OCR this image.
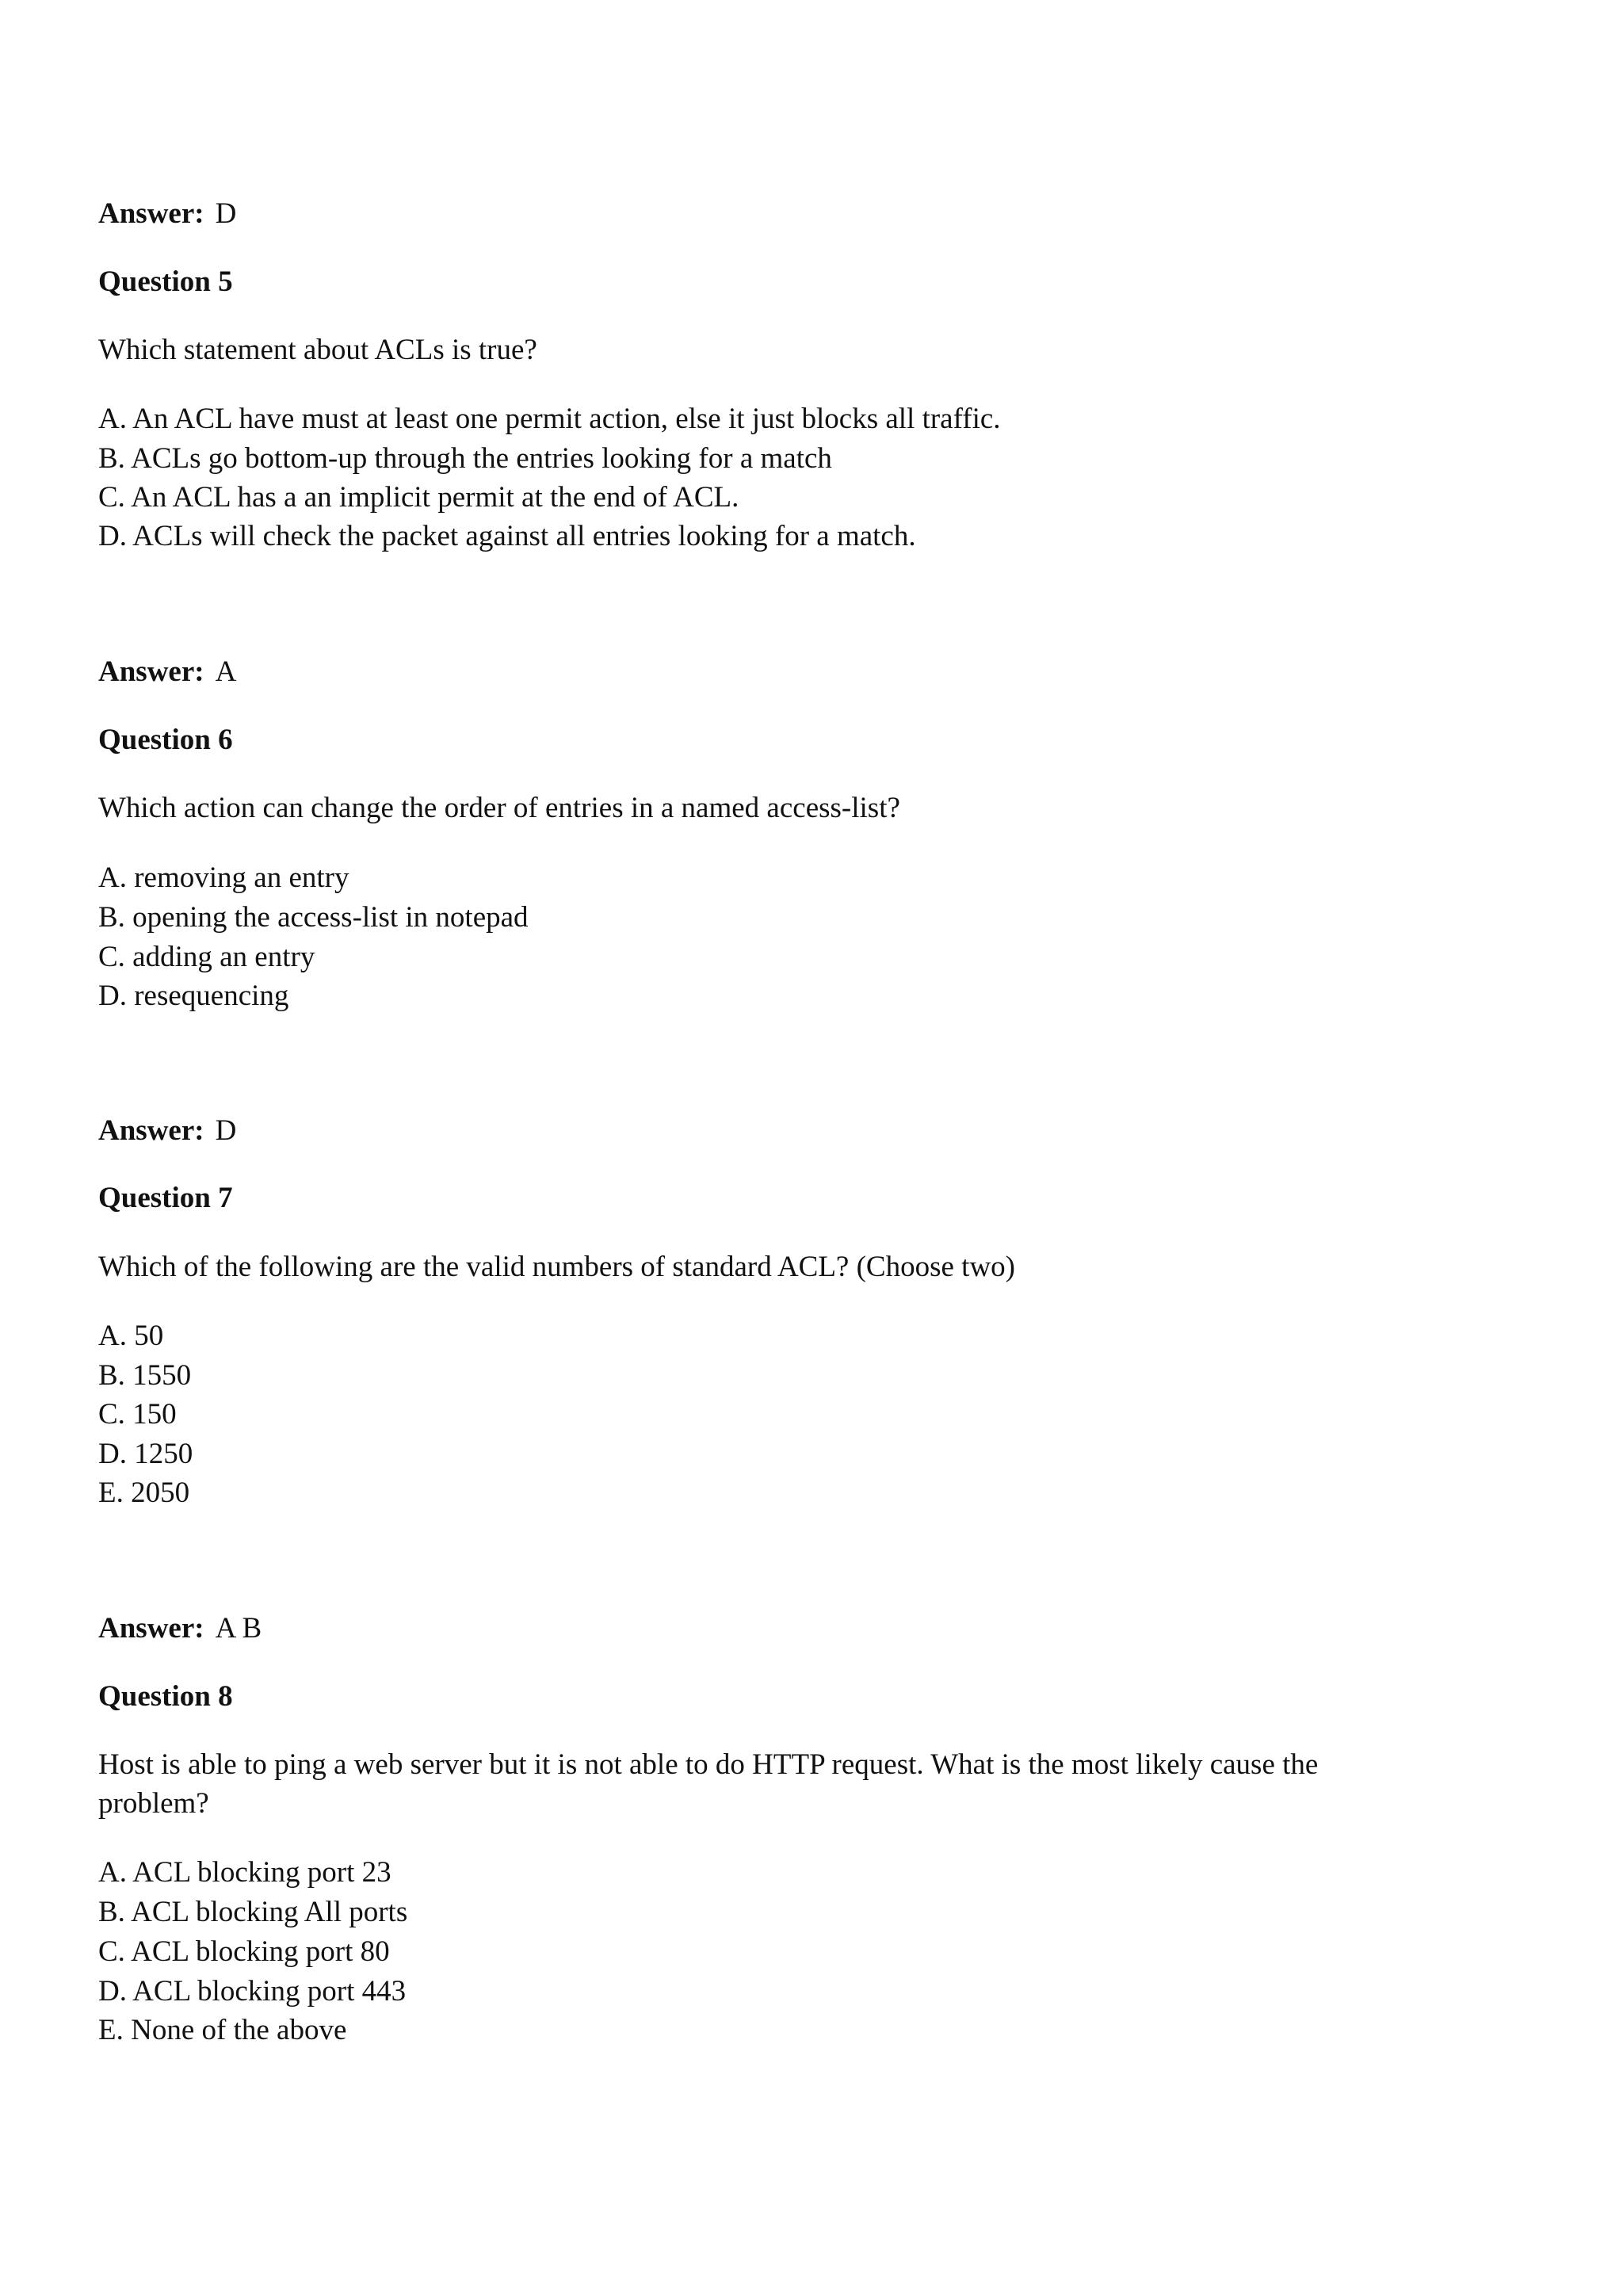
Answer: D
Question 5
Which statement about ACLs is true?
A. An ACL have must at least one permit action, else it just blocks all traffic.
B. ACLs go bottom-up through the entries looking for a match
C. An ACL has a an implicit permit at the end of ACL.
D. ACLs will check the packet against all entries looking for a match.
Answer: A
Question 6
Which action can change the order of entries in a named access-list?
A. removing an entry
B. opening the access-list in notepad
C. adding an entry
D. resequencing
Answer: D
Question 7
Which of the following are the valid numbers of standard ACL? (Choose two)
A. 50
B. 1550
C. 150
D. 1250
E. 2050
Answer: A B
Question 8
Host is able to ping a web server but it is not able to do HTTP request. What is the most likely cause the
problem?
A. ACL blocking port 23
B. ACL blocking All ports
C. ACL blocking port 80
D. ACL blocking port 443
E. None of the above
